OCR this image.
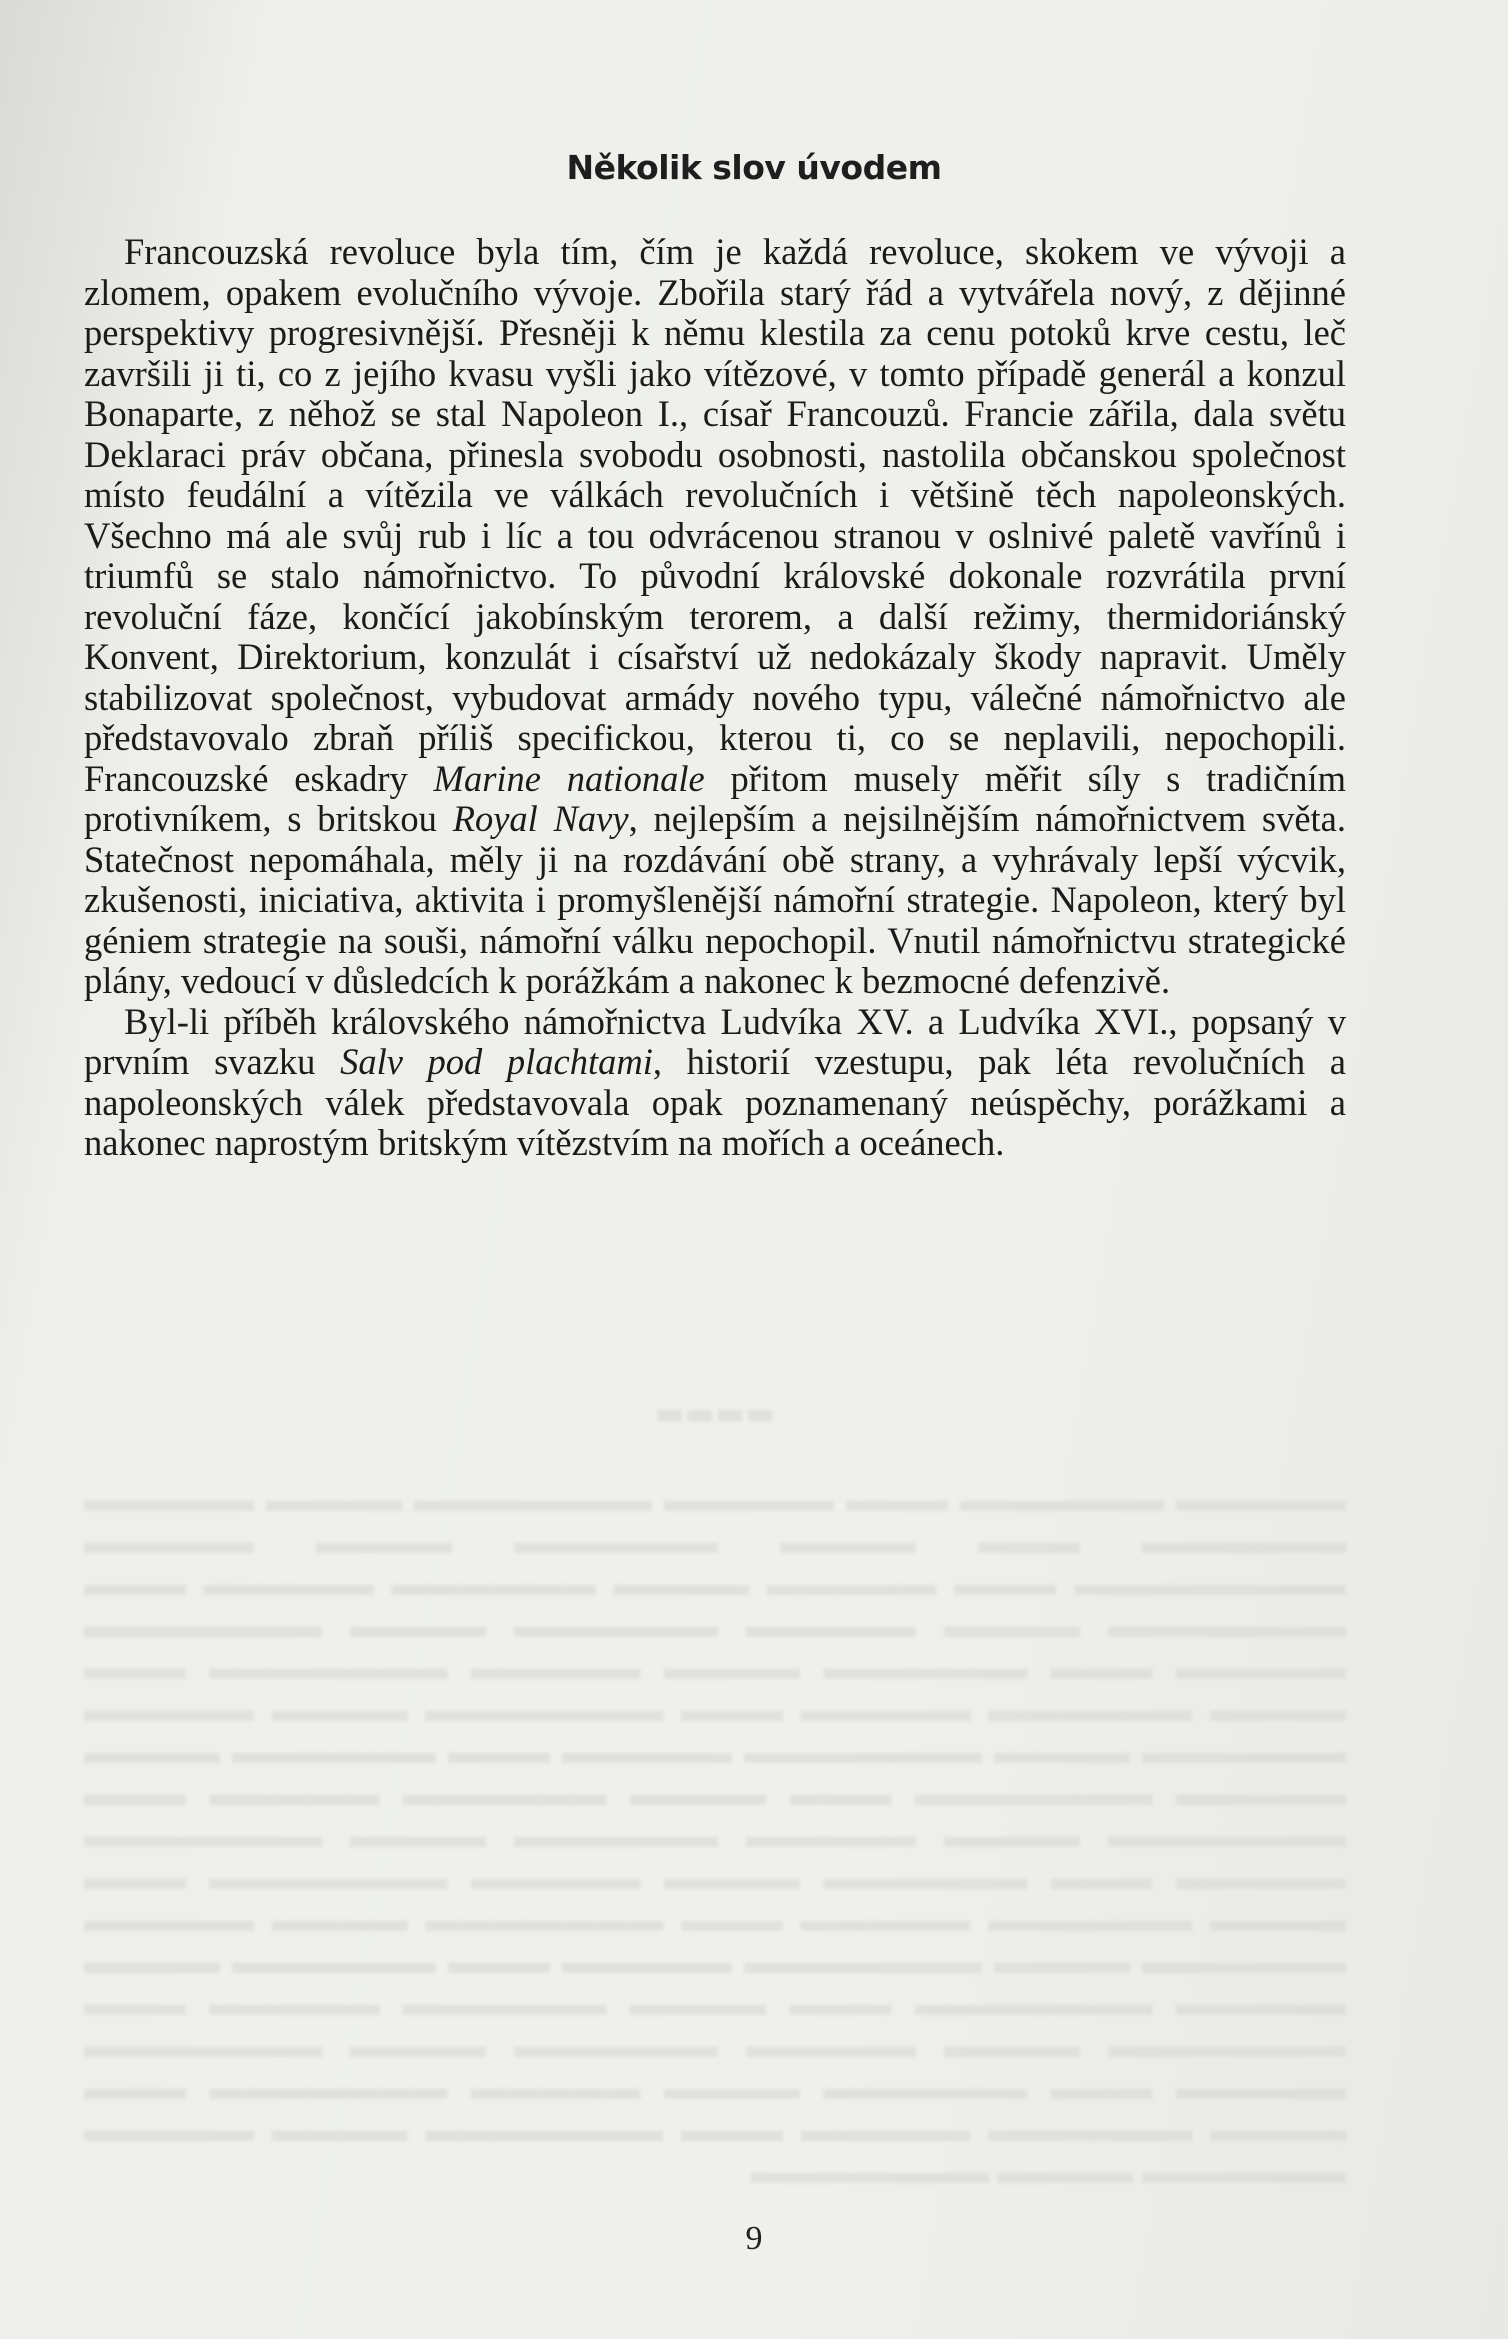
Několik slov úvodem

Francouzská revoluce byla tím, čím je každá revoluce, skokem ve vývoji a zlomem, opakem evolučního vývoje. Zbořila starý řád a vytvářela nový, z dějinné perspektivy progresivnější. Přesněji k němu klestila za cenu potoků krve cestu, leč završili ji ti, co z jejího kvasu vyšli jako vítězové, v tomto případě generál a konzul Bonaparte, z něhož se stal Napoleon I., císař Francouzů. Francie zářila, dala světu Deklaraci práv občana, přinesla svobodu osobnosti, nastolila občanskou společnost místo feudální a vítězila ve válkách revolučních i většině těch napoleonských. Všechno má ale svůj rub i líc a tou odvrácenou stranou v oslnivé paletě vavřínů i triumfů se stalo námořnictvo. To původní královské dokonale rozvrátila první revoluční fáze, končící jakobínským terorem, a další režimy, thermidoriánský Konvent, Direktorium, konzulát i císařství už nedokázaly škody napravit. Uměly stabilizovat společnost, vybudovat armády nového typu, válečné námořnictvo ale představovalo zbraň příliš specifickou, kterou ti, co se neplavili, nepochopili. Francouzské eskadry Marine nationale přitom musely měřit síly s tradičním protivníkem, s britskou Royal Navy, nejlepším a nejsilnějším námořnictvem světa. Statečnost nepomáhala, měly ji na rozdávání obě strany, a vyhrávaly lepší výcvik, zkušenosti, iniciativa, aktivita i promyšlenější námořní strategie. Napoleon, který byl géniem strategie na souši, námořní válku nepochopil. Vnutil námořnictvu strategické plány, vedoucí v důsledcích k porážkám a nakonec k bezmocné defenzivě.

Byl-li příběh královského námořnictva Ludvíka XV. a Ludvíka XVI., popsaný v prvním svazku Salv pod plachtami, historií vzestupu, pak léta revolučních a napoleonských válek představovala opak poznamenaný neúspěchy, porážkami a nakonec naprostým britským vítězstvím na mořích a oceánech.

▬▬▬▬
▬▬▬▬▬ ▬▬▬▬▬▬ ▬▬▬ ▬▬▬▬▬ ▬▬▬▬▬▬▬ ▬▬▬▬ ▬▬▬▬▬ ▬▬▬▬▬▬ ▬▬▬ ▬▬▬▬ ▬▬▬▬▬▬ ▬▬▬▬ ▬▬▬▬▬ ▬▬▬▬▬▬▬▬ ▬▬▬ ▬▬▬▬▬ ▬▬▬▬ ▬▬▬▬▬▬ ▬▬▬▬▬ ▬▬▬ ▬▬▬▬▬▬▬ ▬▬▬▬ ▬▬▬▬▬ ▬▬▬▬▬▬ ▬▬▬▬ ▬▬▬▬▬▬▬ ▬▬▬▬▬ ▬▬▬ ▬▬▬▬▬▬ ▬▬▬▬ ▬▬▬▬▬ ▬▬▬▬▬▬▬ ▬▬▬ ▬▬▬▬ ▬▬▬▬▬▬ ▬▬▬▬▬ ▬▬▬ ▬▬▬▬▬▬▬ ▬▬▬▬ ▬▬▬▬▬ ▬▬▬▬▬▬ ▬▬▬▬ ▬▬▬▬▬▬▬ ▬▬▬▬▬ ▬▬▬ ▬▬▬▬▬▬ ▬▬▬▬ ▬▬▬▬▬ ▬▬▬▬▬▬▬ ▬▬▬ ▬▬▬▬ ▬▬▬▬▬▬ ▬▬▬▬▬ ▬▬▬ ▬▬▬▬▬▬▬ ▬▬▬▬ ▬▬▬▬▬ ▬▬▬▬▬▬ ▬▬▬▬ ▬▬▬▬▬▬▬ ▬▬▬▬▬ ▬▬▬ ▬▬▬▬▬▬ ▬▬▬▬ ▬▬▬▬▬ ▬▬▬▬▬▬▬ ▬▬▬ ▬▬▬▬ ▬▬▬▬▬▬ ▬▬▬▬▬ ▬▬▬ ▬▬▬▬▬▬▬ ▬▬▬▬ ▬▬▬▬▬ ▬▬▬▬▬▬ ▬▬▬▬ ▬▬▬▬▬▬▬ ▬▬▬▬▬ ▬▬▬ ▬▬▬▬▬▬ ▬▬▬▬ ▬▬▬▬▬ ▬▬▬▬▬▬▬ ▬▬▬ ▬▬▬▬ ▬▬▬▬▬▬ ▬▬▬▬▬ ▬▬▬ ▬▬▬▬▬▬▬ ▬▬▬▬ ▬▬▬▬▬ ▬▬▬▬▬▬ ▬▬▬▬ ▬▬▬▬▬▬▬ ▬▬▬▬▬ ▬▬▬ ▬▬▬▬▬▬ ▬▬▬▬ ▬▬▬▬▬ ▬▬▬▬▬▬▬ ▬▬▬ ▬▬▬▬ ▬▬▬▬▬▬ ▬▬▬▬▬ ▬▬▬ ▬▬▬▬▬▬▬ ▬▬▬▬ ▬▬▬▬▬ ▬▬▬▬▬▬ ▬▬▬▬ ▬▬▬▬▬▬▬
9
